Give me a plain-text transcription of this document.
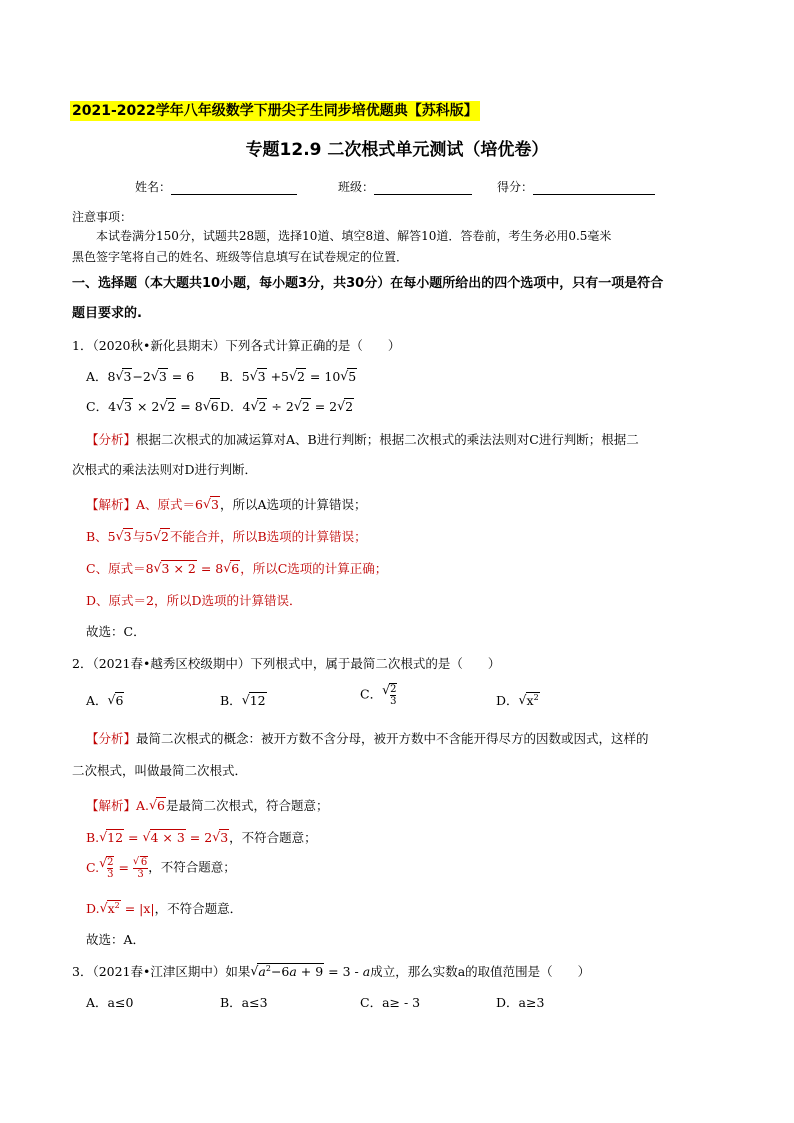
2021-2022学年八年级数学下册尖子生同步培优题典【苏科版】
专题12.9 二次根式单元测试（培优卷）
姓名：	班级：	得分：
注意事项：
本试卷满分150分，试题共28题，选择10道、填空8道、解答10道．答卷前，考生务必用0.5毫米
黑色签字笔将自己的姓名、班级等信息填写在试卷规定的位置．
一、选择题（本大题共10小题，每小题3分，共30分）在每小题所给出的四个选项中，只有一项是符合
题目要求的.
1．（2020秋•新化县期末）下列各式计算正确的是（　　）
A．8 √ 3−2 √ 3 = 6 B．5 √ 3 +5 √ 2 = 10 √ 5
C．4 √ 3 × 2 √ 2 = 8 √ 6 D．4 √ 2 ÷ 2 √ 2 = 2 √ 2
【分析】根据二次根式的加减运算对A、B进行判断；根据二次根式的乘法法则对C进行判断；根据二
次根式的乘法法则对D进行判断．
【解析】A、原式＝6 √ 3，所以A选项的计算错误；
B、5 √ 3与5 √ 2不能合并，所以B选项的计算错误；
C、原式＝8 √ 3 × 2 = 8 √ 6，所以C选项的计算正确；
D、原式＝2，所以D选项的计算错误．
故选：C．
2．（2021春•越秀区校级期中）下列根式中，属于最简二次根式的是（　　）
A． √ 6	B． √ 12	C． √ $\frac{2}{3}$	D． √ $x^2$
【分析】最简二次根式的概念：被开方数不含分母，被开方数中不含能开得尽方的因数或因式，这样的
二次根式，叫做最简二次根式．
【解析】A. √ 6是最简二次根式，符合题意；
B. √ 12 = √ 4 × 3 = 2 √ 3，不符合题意；
C. √ $\frac{2}{3}$ = √ $\frac{6}{3}$ ，不符合题意；
D. √ $x^2 = |x|$，不符合题意．
故选：A．
3．（2021春•江津区期中）如果 √ $a^2-6a + 9 = 3 - a$成立，那么实数a的取值范围是（　　）
A．a≤0	B．a≤3	C．a≥ - 3	D．a≥3
